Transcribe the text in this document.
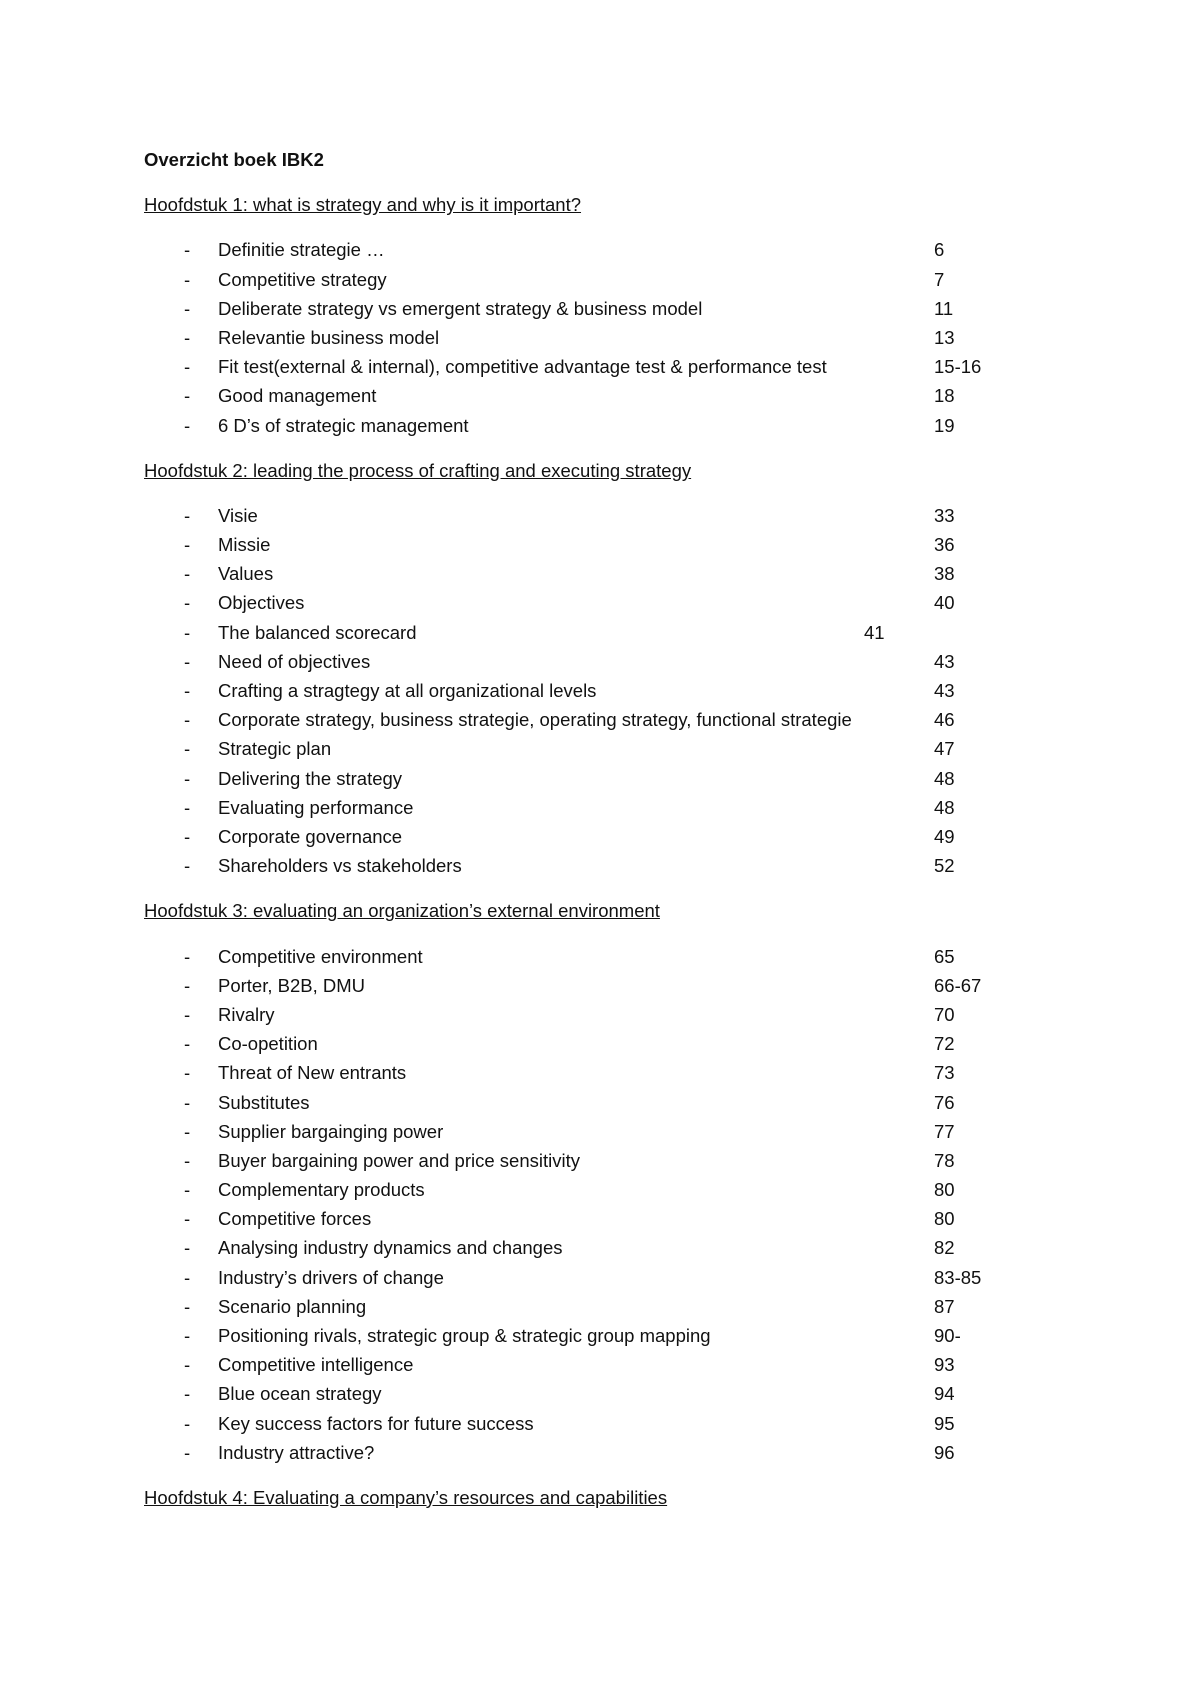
Overzicht boek IBK2
Hoofdstuk 1: what is strategy and why is it important?
- Definitie strategie …	6
- Competitive strategy	7
- Deliberate strategy vs emergent strategy & business model	11
- Relevantie business model	13
- Fit test(external & internal), competitive advantage test & performance test	15-16
- Good management	18
- 6 D’s of strategic management	19
Hoofdstuk 2: leading the process of crafting and executing strategy
- Visie	33
- Missie	36
- Values	38
- Objectives	40
- The balanced scorecard	41
- Need of objectives	43
- Crafting a stragtegy at all organizational levels	43
- Corporate strategy, business strategie, operating strategy, functional strategie	46
- Strategic plan	47
- Delivering the strategy	48
- Evaluating performance	48
- Corporate governance	49
- Shareholders vs stakeholders	52
Hoofdstuk 3: evaluating an organization’s external environment
- Competitive environment	65
- Porter, B2B, DMU	66-67
- Rivalry	70
- Co-opetition	72
- Threat of New entrants	73
- Substitutes	76
- Supplier bargainging power	77
- Buyer bargaining power and price sensitivity	78
- Complementary products	80
- Competitive forces	80
- Analysing industry dynamics and changes	82
- Industry’s drivers of change	83-85
- Scenario planning	87
- Positioning rivals, strategic group & strategic group mapping	90-
- Competitive intelligence	93
- Blue ocean strategy	94
- Key success factors for future success	95
- Industry attractive?	96
Hoofdstuk 4: Evaluating a company’s resources and capabilities
